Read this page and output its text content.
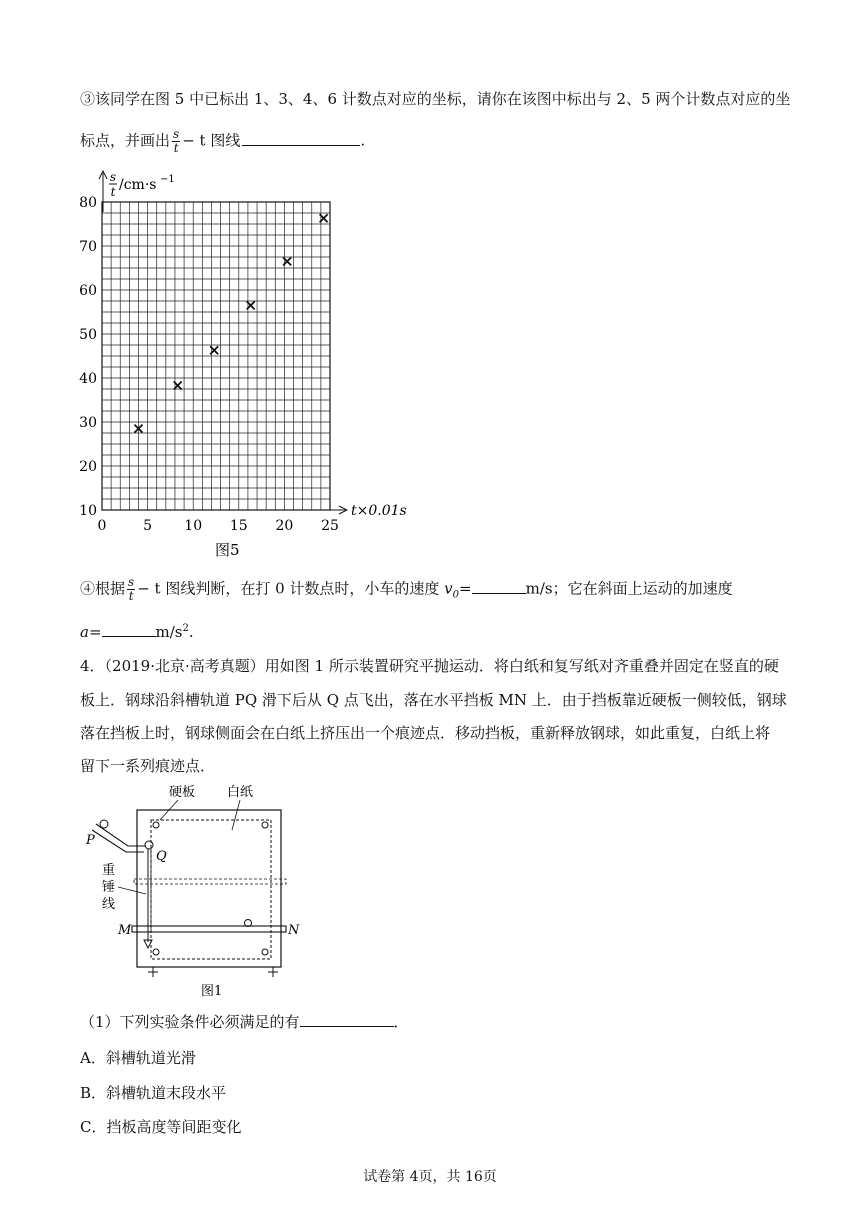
③该同学在图 5 中已标出 1、3、4、6 计数点对应的坐标，请你在该图中标出与 2、5 两个计数点对应的坐
标点，并画出 $\frac{s}{t} - t$ 图线	.
10
20
30
40
50
60
70
80
0	5 10 15 20 25
s
t /cm·s −1
t×0.01s
图5
④根据 $\frac{s}{t} - t$ 图线判断，在打 0 计数点时，小车的速度 $v_0=$	m/s；它在斜面上运动的加速度
a=	$m/s^2$.
4．（2019·北京·高考真题）用如图 1 所示装置研究平抛运动．将白纸和复写纸对齐重叠并固定在竖直的硬
板上．钢球沿斜槽轨道 PQ 滑下后从 Q 点飞出，落在水平挡板 MN 上．由于挡板靠近硬板一侧较低，钢球
落在挡板上时，钢球侧面会在白纸上挤压出一个痕迹点．移动挡板，重新释放钢球，如此重复，白纸上将
留下一系列痕迹点．
硬板 白纸
P
Q
重
锤
线
M	N
图1
（1）下列实验条件必须满足的有	．
A．斜槽轨道光滑
B．斜槽轨道末段水平
C．挡板高度等间距变化
试卷第 4页，共 16页
